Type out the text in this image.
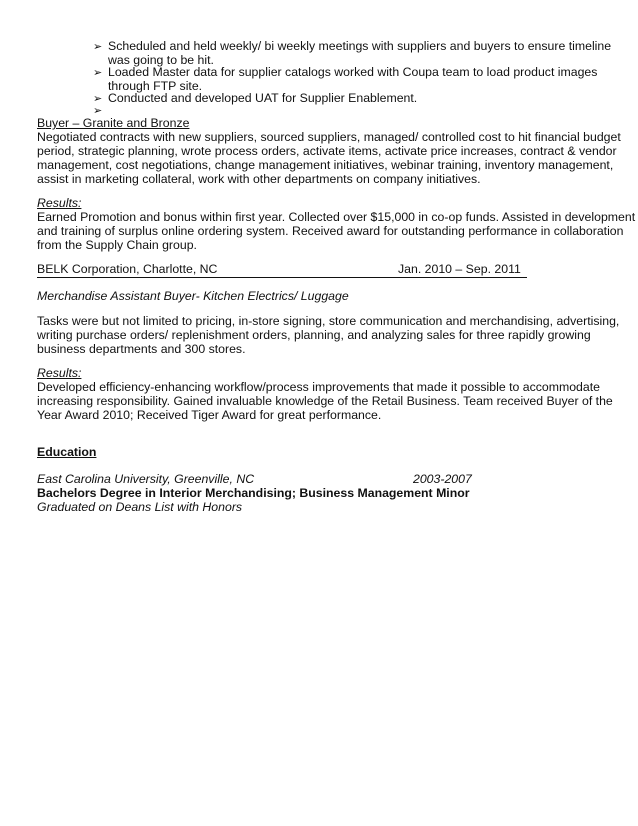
➢ Scheduled and held weekly/ bi weekly meetings with suppliers and buyers to ensure timeline
was going to be hit.
➢ Loaded Master data for supplier catalogs worked with Coupa team to load product images
through FTP site.
➢ Conducted and developed UAT for Supplier Enablement.
➢
Buyer – Granite and Bronze
Negotiated contracts with new suppliers, sourced suppliers, managed/ controlled cost to hit financial budget
period, strategic planning, wrote process orders, activate items, activate price increases, contract & vendor
management, cost negotiations, change management initiatives, webinar training, inventory management,
assist in marketing collateral, work with other departments on company initiatives.
Results:
Earned Promotion and bonus within first year. Collected over $15,000 in co-op funds. Assisted in development
and training of surplus online ordering system. Received award for outstanding performance in collaboration
from the Supply Chain group.
BELK Corporation, Charlotte, NC	Jan. 2010 – Sep. 2011
Merchandise Assistant Buyer- Kitchen Electrics/ Luggage
Tasks were but not limited to pricing, in-store signing, store communication and merchandising, advertising,
writing purchase orders/ replenishment orders, planning, and analyzing sales for three rapidly growing
business departments and 300 stores.
Results:
Developed efficiency-enhancing workflow/process improvements that made it possible to accommodate
increasing responsibility. Gained invaluable knowledge of the Retail Business. Team received Buyer of the
Year Award 2010; Received Tiger Award for great performance.
Education
East Carolina University, Greenville, NC	2003-2007
Bachelors Degree in Interior Merchandising; Business Management Minor
Graduated on Deans List with Honors
